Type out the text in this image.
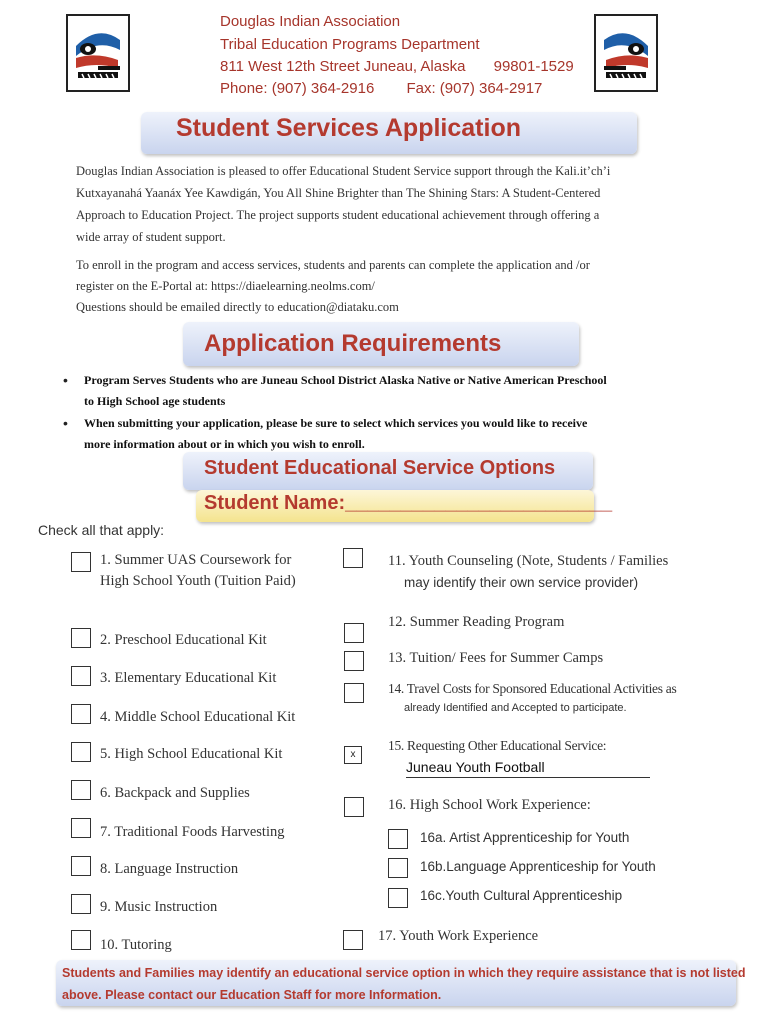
Douglas Indian Association
Tribal Education Programs Department
811 West 12th Street Juneau, Alaska 99801-1529
Phone: (907) 364-2916 Fax: (907) 364-2917
Student Services Application
Douglas Indian Association is pleased to offer Educational Student Service support through the Kali.it’ch’i
Kutxayanahá Yaanáx Yee Kawdigán, You All Shine Brighter than The Shining Stars: A Student-Centered
Approach to Education Project. The project supports student educational achievement through offering a
wide array of student support.
To enroll in the program and access services, students and parents can complete the application and /or
register on the E-Portal at: https://diaelearning.neolms.com/
Questions should be emailed directly to education@diataku.com
Application Requirements
• Program Serves Students who are Juneau School District Alaska Native or Native American Preschool
to High School age students
• When submitting your application, please be sure to select which services you would like to receive
more information about or in which you wish to enroll.
Student Educational Service Options
Student Name:________________________
Check all that apply:
1. Summer UAS Coursework for
High School Youth (Tuition Paid)
2. Preschool Educational Kit
3. Elementary Educational Kit
4. Middle School Educational Kit
5. High School Educational Kit
6. Backpack and Supplies
7. Traditional Foods Harvesting
8. Language Instruction
9. Music Instruction
10. Tutoring
11. Youth Counseling (Note, Students / Families
may identify their own service provider)
12. Summer Reading Program
13. Tuition/ Fees for Summer Camps
14. Travel Costs for Sponsored Educational Activities as
already Identified and Accepted to participate.
x
15. Requesting Other Educational Service:
Juneau Youth Football
16. High School Work Experience:
16a. Artist Apprenticeship for Youth
16b.Language Apprenticeship for Youth
16c.Youth Cultural Apprenticeship
17. Youth Work Experience
Students and Families may identify an educational service option in which they require assistance that is not listed
above. Please contact our Education Staff for more Information.
